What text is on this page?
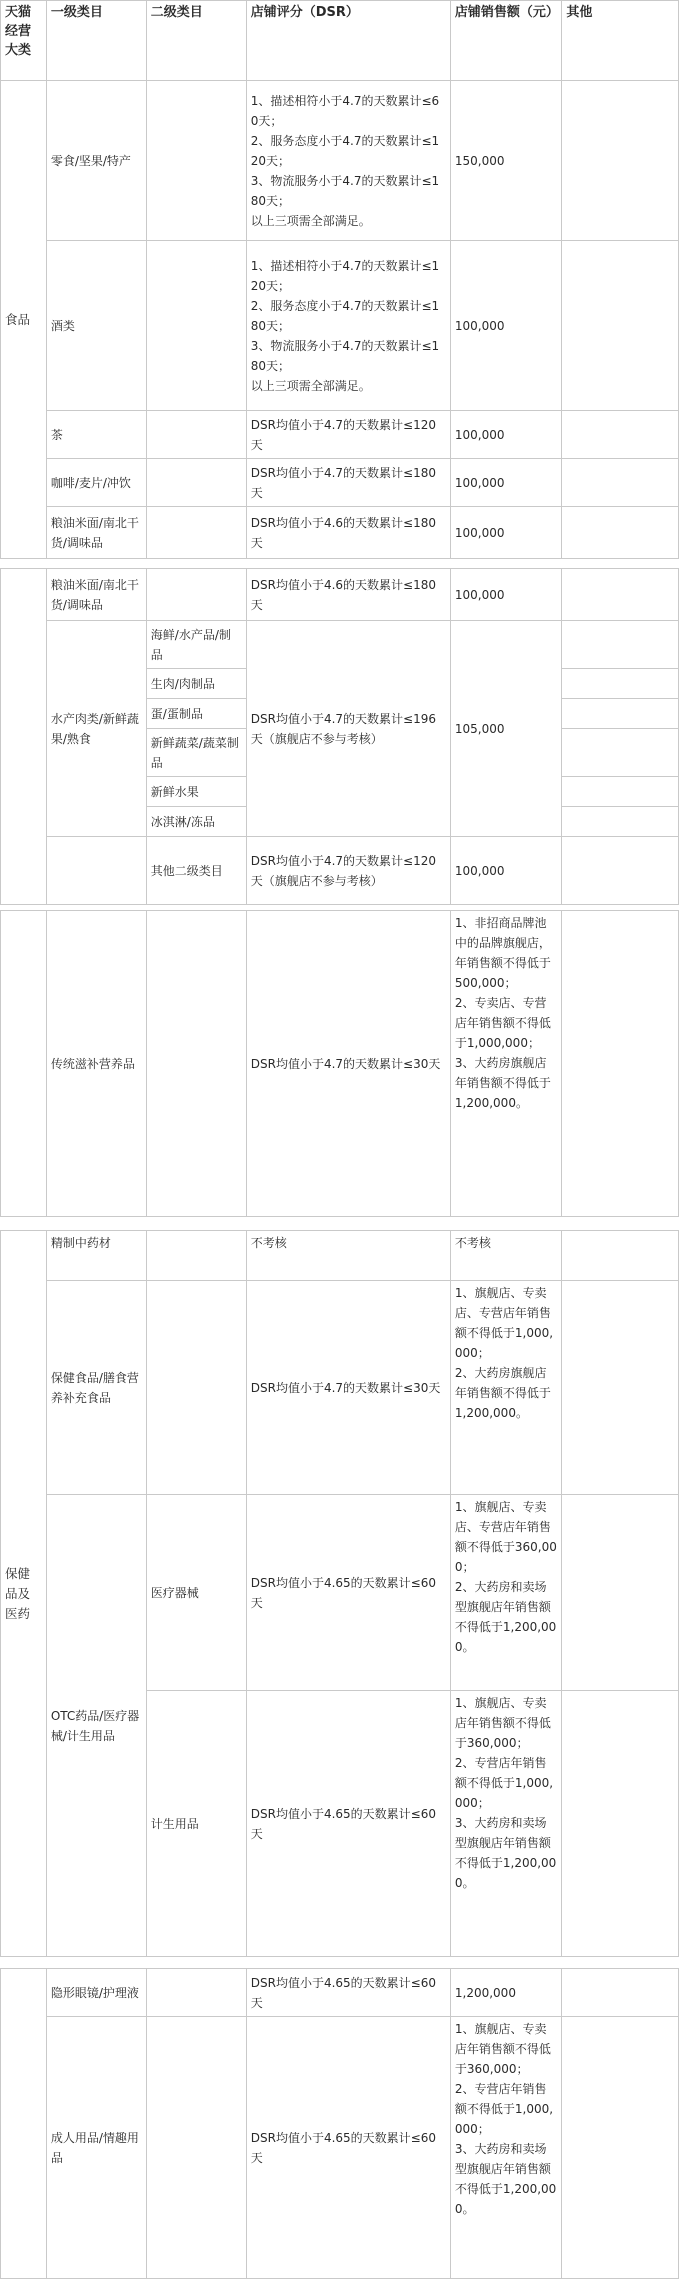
天猫经营大类	一级类目	二级类目	店铺评分（DSR）	店铺销售额（元）	其他
食品	零食/坚果/特产		1、描述相符小于4.7的天数累计≤60天；
2、服务态度小于4.7的天数累计≤120天；
3、物流服务小于4.7的天数累计≤180天；
以上三项需全部满足。	150,000	
	酒类		1、描述相符小于4.7的天数累计≤120天；
2、服务态度小于4.7的天数累计≤180天；
3、物流服务小于4.7的天数累计≤180天；
以上三项需全部满足。	100,000	
	茶		DSR均值小于4.7的天数累计≤120天	100,000	
	咖啡/麦片/冲饮		DSR均值小于4.7的天数累计≤180天	100,000	
	粮油米面/南北干货/调味品		DSR均值小于4.6的天数累计≤180天	100,000	
	粮油米面/南北干货/调味品		DSR均值小于4.6的天数累计≤180天	100,000	
	水产肉类/新鲜蔬果/熟食	海鲜/水产品/制品	DSR均值小于4.7的天数累计≤196天（旗舰店不参与考核）	105,000	
		生肉/肉制品			
		蛋/蛋制品			
		新鲜蔬菜/蔬菜制品			
		新鲜水果			
		冰淇淋/冻品			
		其他二级类目	DSR均值小于4.7的天数累计≤120天（旗舰店不参与考核）	100,000	
	传统滋补营养品		DSR均值小于4.7的天数累计≤30天	1、非招商品牌池中的品牌旗舰店，年销售额不得低于500,000；
2、专卖店、专营店年销售额不得低于1,000,000；
3、大药房旗舰店年销售额不得低于1,200,000。	
保健品及医药	精制中药材		不考核	不考核	
	保健食品/膳食营养补充食品		DSR均值小于4.7的天数累计≤30天	1、旗舰店、专卖店、专营店年销售额不得低于1,000,000；
2、大药房旗舰店年销售额不得低于1,200,000。	
	OTC药品/医疗器械/计生用品	医疗器械	DSR均值小于4.65的天数累计≤60天	1、旗舰店、专卖店、专营店年销售额不得低于360,000；
2、大药房和卖场型旗舰店年销售额不得低于1,200,000。	
		计生用品	DSR均值小于4.65的天数累计≤60天	1、旗舰店、专卖店年销售额不得低于360,000；
2、专营店年销售额不得低于1,000,000；
3、大药房和卖场型旗舰店年销售额不得低于1,200,000。	
	隐形眼镜/护理液		DSR均值小于4.65的天数累计≤60天	1,200,000	
	成人用品/情趣用品		DSR均值小于4.65的天数累计≤60天	1、旗舰店、专卖店年销售额不得低于360,000；
2、专营店年销售额不得低于1,000,000；
3、大药房和卖场型旗舰店年销售额不得低于1,200,000。	
